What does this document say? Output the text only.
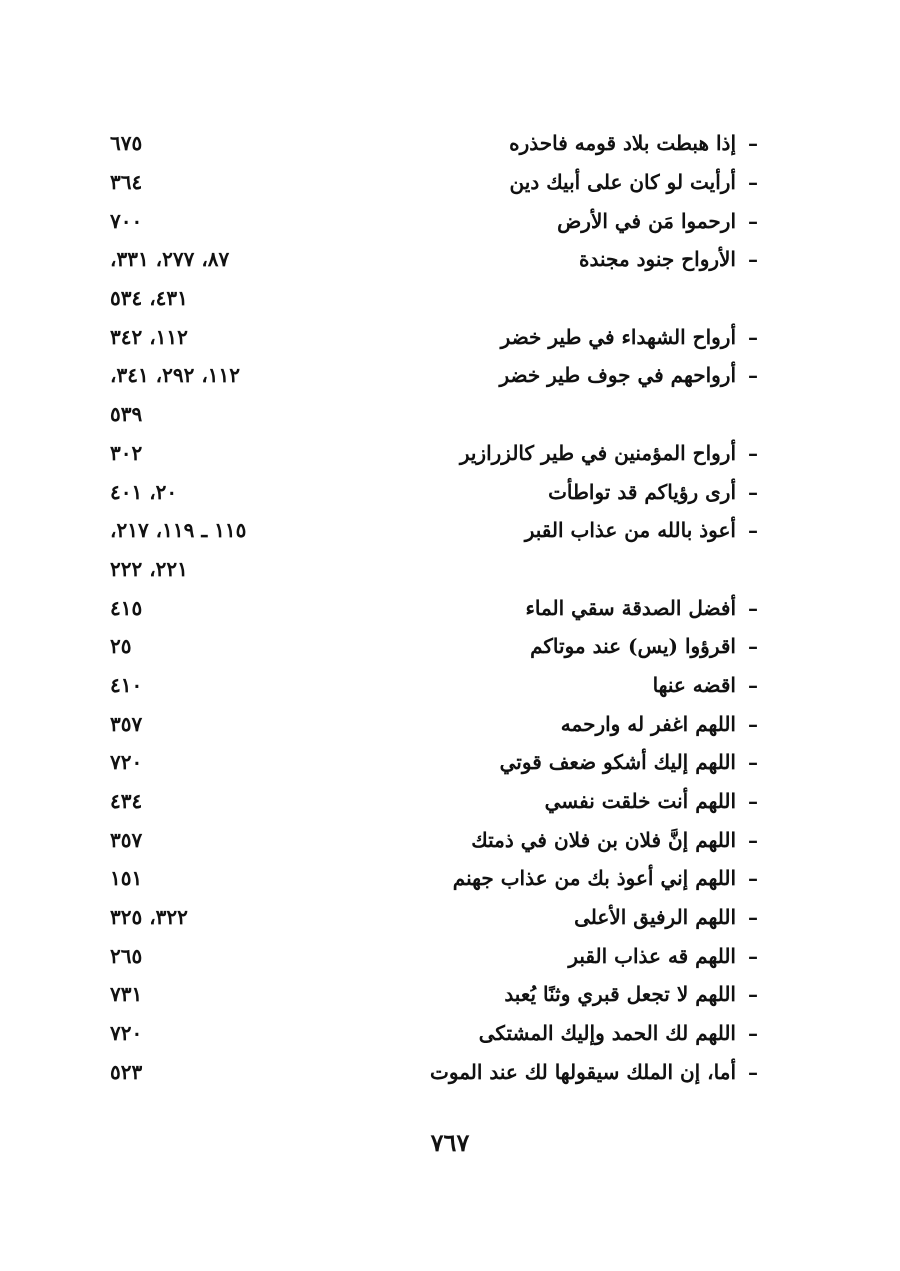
–
إذا هبطت بلاد قومه فاحذره
٦٧٥
–
أرأيت لو كان على أبيك دين
٣٦٤
–
ارحموا مَن في الأرض
٧٠٠
–
الأرواح جنود مجندة
٨٧، ٢٧٧، ٣٣١،
٤٣١، ٥٣٤
–
أرواح الشهداء في طير خضر
١١٢، ٣٤٢
–
أرواحهم في جوف طير خضر
١١٢، ٢٩٢، ٣٤١،
٥٣٩
–
أرواح المؤمنين في طير كالزرازير
٣٠٢
–
أرى رؤياكم قد تواطأت
٢٠، ٤٠١
–
أعوذ بالله من عذاب القبر
١١٥ ـ ١١٩، ٢١٧،
٢٢١، ٢٢٢
–
أفضل الصدقة سقي الماء
٤١٥
–
اقرؤوا (يس) عند موتاكم
٢٥
–
اقضه عنها
٤١٠
–
اللهم اغفر له وارحمه
٣٥٧
–
اللهم إليك أشكو ضعف قوتي
٧٢٠
–
اللهم أنت خلقت نفسي
٤٣٤
–
اللهم إنَّ فلان بن فلان في ذمتك
٣٥٧
–
اللهم إني أعوذ بك من عذاب جهنم
١٥١
–
اللهم الرفيق الأعلى
٣٢٢، ٣٢٥
–
اللهم قه عذاب القبر
٢٦٥
–
اللهم لا تجعل قبري وثنًا يُعبد
٧٣١
–
اللهم لك الحمد وإليك المشتكى
٧٢٠
–
أما، إن الملك سيقولها لك عند الموت
٥٢٣
٧٦٧
